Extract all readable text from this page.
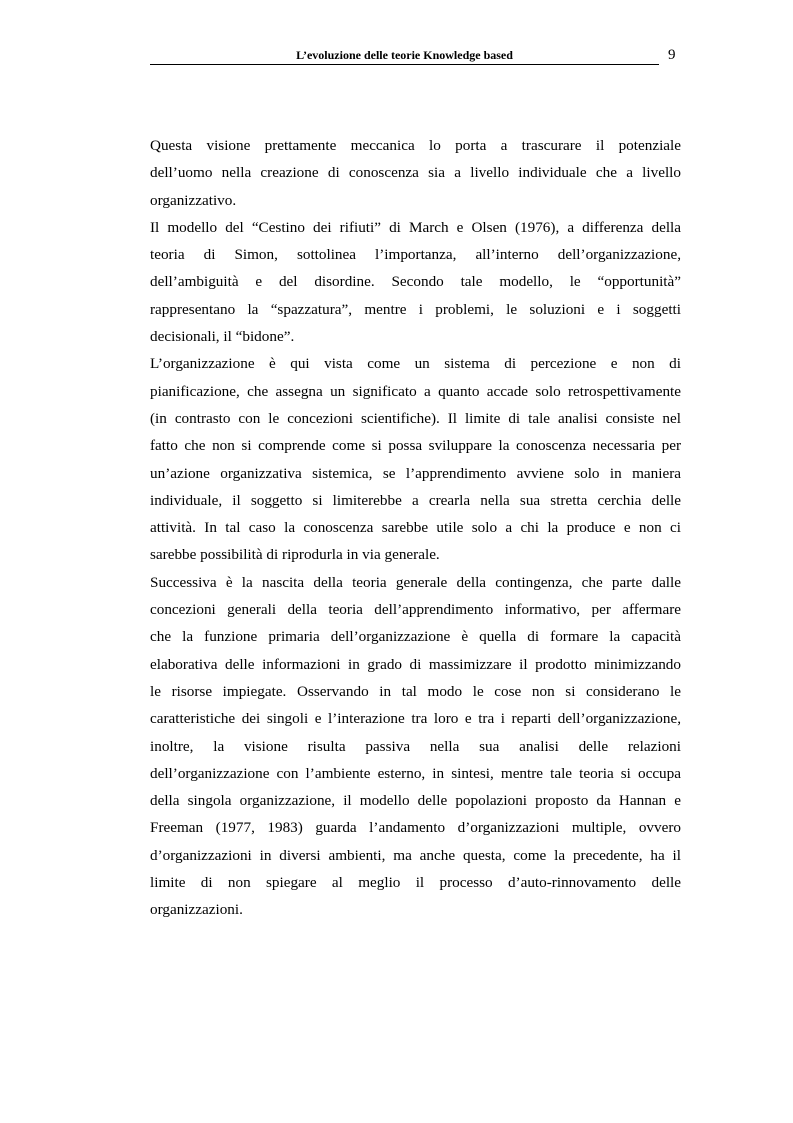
L’evoluzione delle teorie Knowledge based	9
Questa visione prettamente meccanica lo porta a trascurare il potenziale
dell’uomo nella creazione di conoscenza sia a livello individuale che a livello
organizzativo.
Il modello del “Cestino dei rifiuti” di March e Olsen (1976), a differenza della
teoria di Simon, sottolinea l’importanza, all’interno dell’organizzazione,
dell’ambiguità e del disordine. Secondo tale modello, le “opportunità”
rappresentano la “spazzatura”, mentre i problemi, le soluzioni e i soggetti
decisionali, il “bidone”.
L’organizzazione è qui vista come un sistema di percezione e non di
pianificazione, che assegna un significato a quanto accade solo retrospettivamente
(in contrasto con le concezioni scientifiche). Il limite di tale analisi consiste nel
fatto che non si comprende come si possa sviluppare la conoscenza necessaria per
un’azione organizzativa sistemica, se l’apprendimento avviene solo in maniera
individuale, il soggetto si limiterebbe a crearla nella sua stretta cerchia delle
attività. In tal caso la conoscenza sarebbe utile solo a chi la produce e non ci
sarebbe possibilità di riprodurla in via generale.
Successiva è la nascita della teoria generale della contingenza, che parte dalle
concezioni generali della teoria dell’apprendimento informativo, per affermare
che la funzione primaria dell’organizzazione è quella di formare la capacità
elaborativa delle informazioni in grado di massimizzare il prodotto minimizzando
le risorse impiegate. Osservando in tal modo le cose non si considerano le
caratteristiche dei singoli e l’interazione tra loro e tra i reparti dell’organizzazione,
inoltre, la visione risulta passiva nella sua analisi delle relazioni
dell’organizzazione con l’ambiente esterno, in sintesi, mentre tale teoria si occupa
della singola organizzazione, il modello delle popolazioni proposto da Hannan e
Freeman (1977, 1983) guarda l’andamento d’organizzazioni multiple, ovvero
d’organizzazioni in diversi ambienti, ma anche questa, come la precedente, ha il
limite di non spiegare al meglio il processo d’auto-rinnovamento delle
organizzazioni.
